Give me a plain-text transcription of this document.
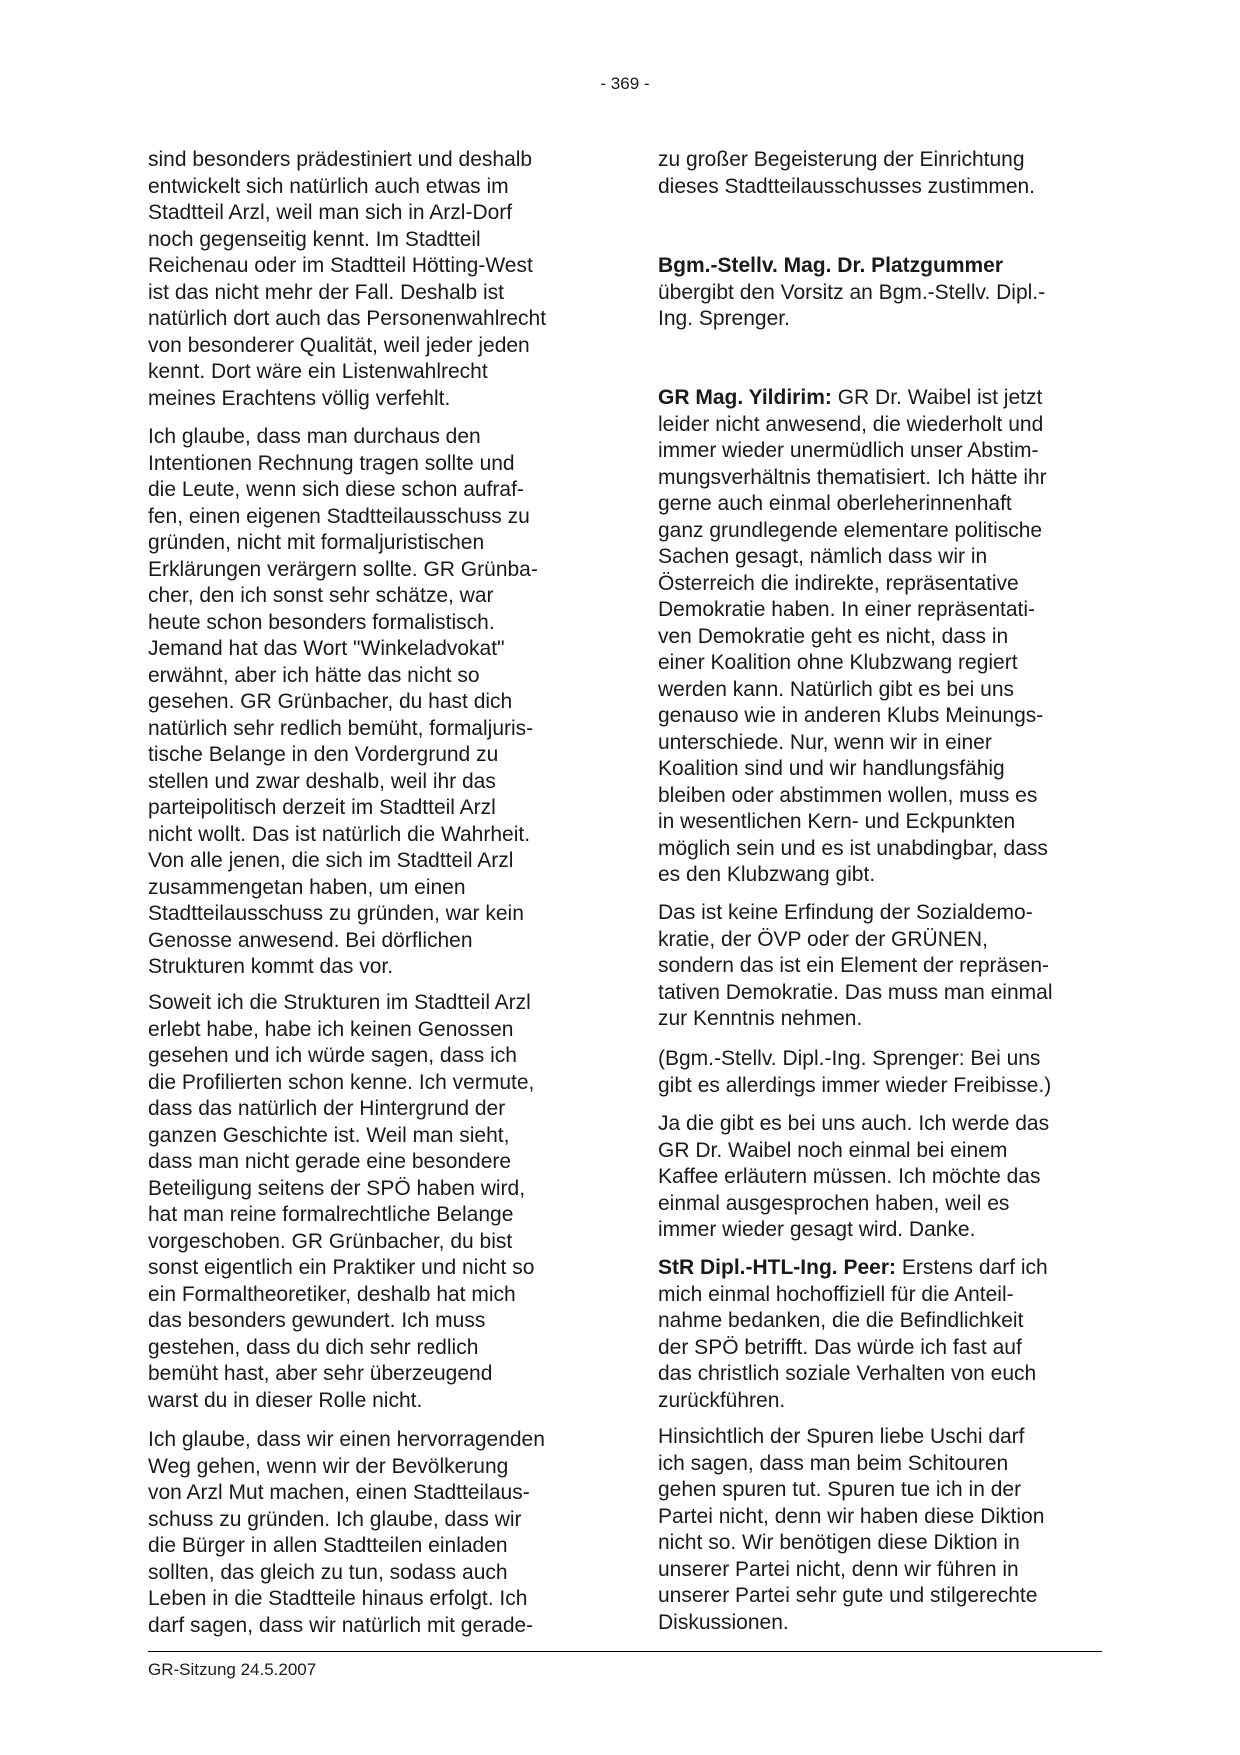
- 369 -
sind besonders prädestiniert und deshalb
entwickelt sich natürlich auch etwas im
Stadtteil Arzl, weil man sich in Arzl-Dorf
noch gegenseitig kennt. Im Stadtteil
Reichenau oder im Stadtteil Hötting-West
ist das nicht mehr der Fall. Deshalb ist
natürlich dort auch das Personenwahlrecht
von besonderer Qualität, weil jeder jeden
kennt. Dort wäre ein Listenwahlrecht
meines Erachtens völlig verfehlt.
Ich glaube, dass man durchaus den
Intentionen Rechnung tragen sollte und
die Leute, wenn sich diese schon aufraf-
fen, einen eigenen Stadtteilausschuss zu
gründen, nicht mit formaljuristischen
Erklärungen verärgern sollte. GR Grünba-
cher, den ich sonst sehr schätze, war
heute schon besonders formalistisch.
Jemand hat das Wort "Winkeladvokat"
erwähnt, aber ich hätte das nicht so
gesehen. GR Grünbacher, du hast dich
natürlich sehr redlich bemüht, formaljuris-
tische Belange in den Vordergrund zu
stellen und zwar deshalb, weil ihr das
parteipolitisch derzeit im Stadtteil Arzl
nicht wollt. Das ist natürlich die Wahrheit.
Von alle jenen, die sich im Stadtteil Arzl
zusammengetan haben, um einen
Stadtteilausschuss zu gründen, war kein
Genosse anwesend. Bei dörflichen
Strukturen kommt das vor.
Soweit ich die Strukturen im Stadtteil Arzl
erlebt habe, habe ich keinen Genossen
gesehen und ich würde sagen, dass ich
die Profilierten schon kenne. Ich vermute,
dass das natürlich der Hintergrund der
ganzen Geschichte ist. Weil man sieht,
dass man nicht gerade eine besondere
Beteiligung seitens der SPÖ haben wird,
hat man reine formalrechtliche Belange
vorgeschoben. GR Grünbacher, du bist
sonst eigentlich ein Praktiker und nicht so
ein Formaltheoretiker, deshalb hat mich
das besonders gewundert. Ich muss
gestehen, dass du dich sehr redlich
bemüht hast, aber sehr überzeugend
warst du in dieser Rolle nicht.
Ich glaube, dass wir einen hervorragenden
Weg gehen, wenn wir der Bevölkerung
von Arzl Mut machen, einen Stadtteilaus-
schuss zu gründen. Ich glaube, dass wir
die Bürger in allen Stadtteilen einladen
sollten, das gleich zu tun, sodass auch
Leben in die Stadtteile hinaus erfolgt. Ich
darf sagen, dass wir natürlich mit gerade-
zu großer Begeisterung der Einrichtung
dieses Stadtteilausschusses zustimmen.
Bgm.-Stellv. Mag. Dr. Platzgummer
übergibt den Vorsitz an Bgm.-Stellv. Dipl.-
Ing. Sprenger.
GR Mag. Yildirim: GR Dr. Waibel ist jetzt
leider nicht anwesend, die wiederholt und
immer wieder unermüdlich unser Abstim-
mungsverhältnis thematisiert. Ich hätte ihr
gerne auch einmal oberleherinnenhaft
ganz grundlegende elementare politische
Sachen gesagt, nämlich dass wir in
Österreich die indirekte, repräsentative
Demokratie haben. In einer repräsentati-
ven Demokratie geht es nicht, dass in
einer Koalition ohne Klubzwang regiert
werden kann. Natürlich gibt es bei uns
genauso wie in anderen Klubs Meinungs-
unterschiede. Nur, wenn wir in einer
Koalition sind und wir handlungsfähig
bleiben oder abstimmen wollen, muss es
in wesentlichen Kern- und Eckpunkten
möglich sein und es ist unabdingbar, dass
es den Klubzwang gibt.
Das ist keine Erfindung der Sozialdemo-
kratie, der ÖVP oder der GRÜNEN,
sondern das ist ein Element der repräsen-
tativen Demokratie. Das muss man einmal
zur Kenntnis nehmen.
(Bgm.-Stellv. Dipl.-Ing. Sprenger: Bei uns
gibt es allerdings immer wieder Freibisse.)
Ja die gibt es bei uns auch. Ich werde das
GR Dr. Waibel noch einmal bei einem
Kaffee erläutern müssen. Ich möchte das
einmal ausgesprochen haben, weil es
immer wieder gesagt wird. Danke.
StR Dipl.-HTL-Ing. Peer: Erstens darf ich
mich einmal hochoffiziell für die Anteil-
nahme bedanken, die die Befindlichkeit
der SPÖ betrifft. Das würde ich fast auf
das christlich soziale Verhalten von euch
zurückführen.
Hinsichtlich der Spuren liebe Uschi darf
ich sagen, dass man beim Schitouren
gehen spuren tut. Spuren tue ich in der
Partei nicht, denn wir haben diese Diktion
nicht so. Wir benötigen diese Diktion in
unserer Partei nicht, denn wir führen in
unserer Partei sehr gute und stilgerechte
Diskussionen.
GR-Sitzung 24.5.2007
